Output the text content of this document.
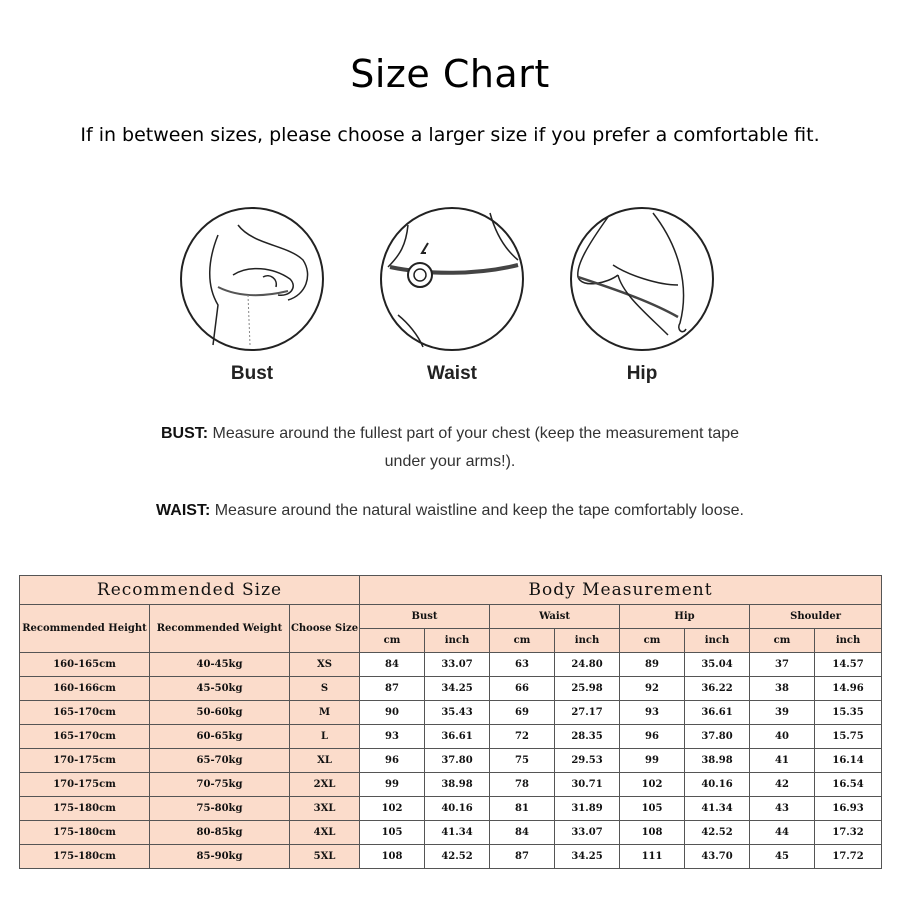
Size Chart
If in between sizes, please choose a larger size if you prefer a comfortable fit.
Bust	Waist	Hip
BUST: Measure around the fullest part of your chest (keep the measurement tape
under your arms!).
WAIST: Measure around the natural waistline and keep the tape comfortably loose.
Recommended Size			Body Measurement							
Recommended Height	Recommended Weight	Choose Size	Bust		Waist		Hip		Shoulder	
			cm	inch	cm	inch	cm	inch	cm	inch
160-165cm	40-45kg	XS	84	33.07	63	24.80	89	35.04	37	14.57
160-166cm	45-50kg	S	87	34.25	66	25.98	92	36.22	38	14.96
165-170cm	50-60kg	M	90	35.43	69	27.17	93	36.61	39	15.35
165-170cm	60-65kg	L	93	36.61	72	28.35	96	37.80	40	15.75
170-175cm	65-70kg	XL	96	37.80	75	29.53	99	38.98	41	16.14
170-175cm	70-75kg	2XL	99	38.98	78	30.71	102	40.16	42	16.54
175-180cm	75-80kg	3XL	102	40.16	81	31.89	105	41.34	43	16.93
175-180cm	80-85kg	4XL	105	41.34	84	33.07	108	42.52	44	17.32
175-180cm	85-90kg	5XL	108	42.52	87	34.25	111	43.70	45	17.72
